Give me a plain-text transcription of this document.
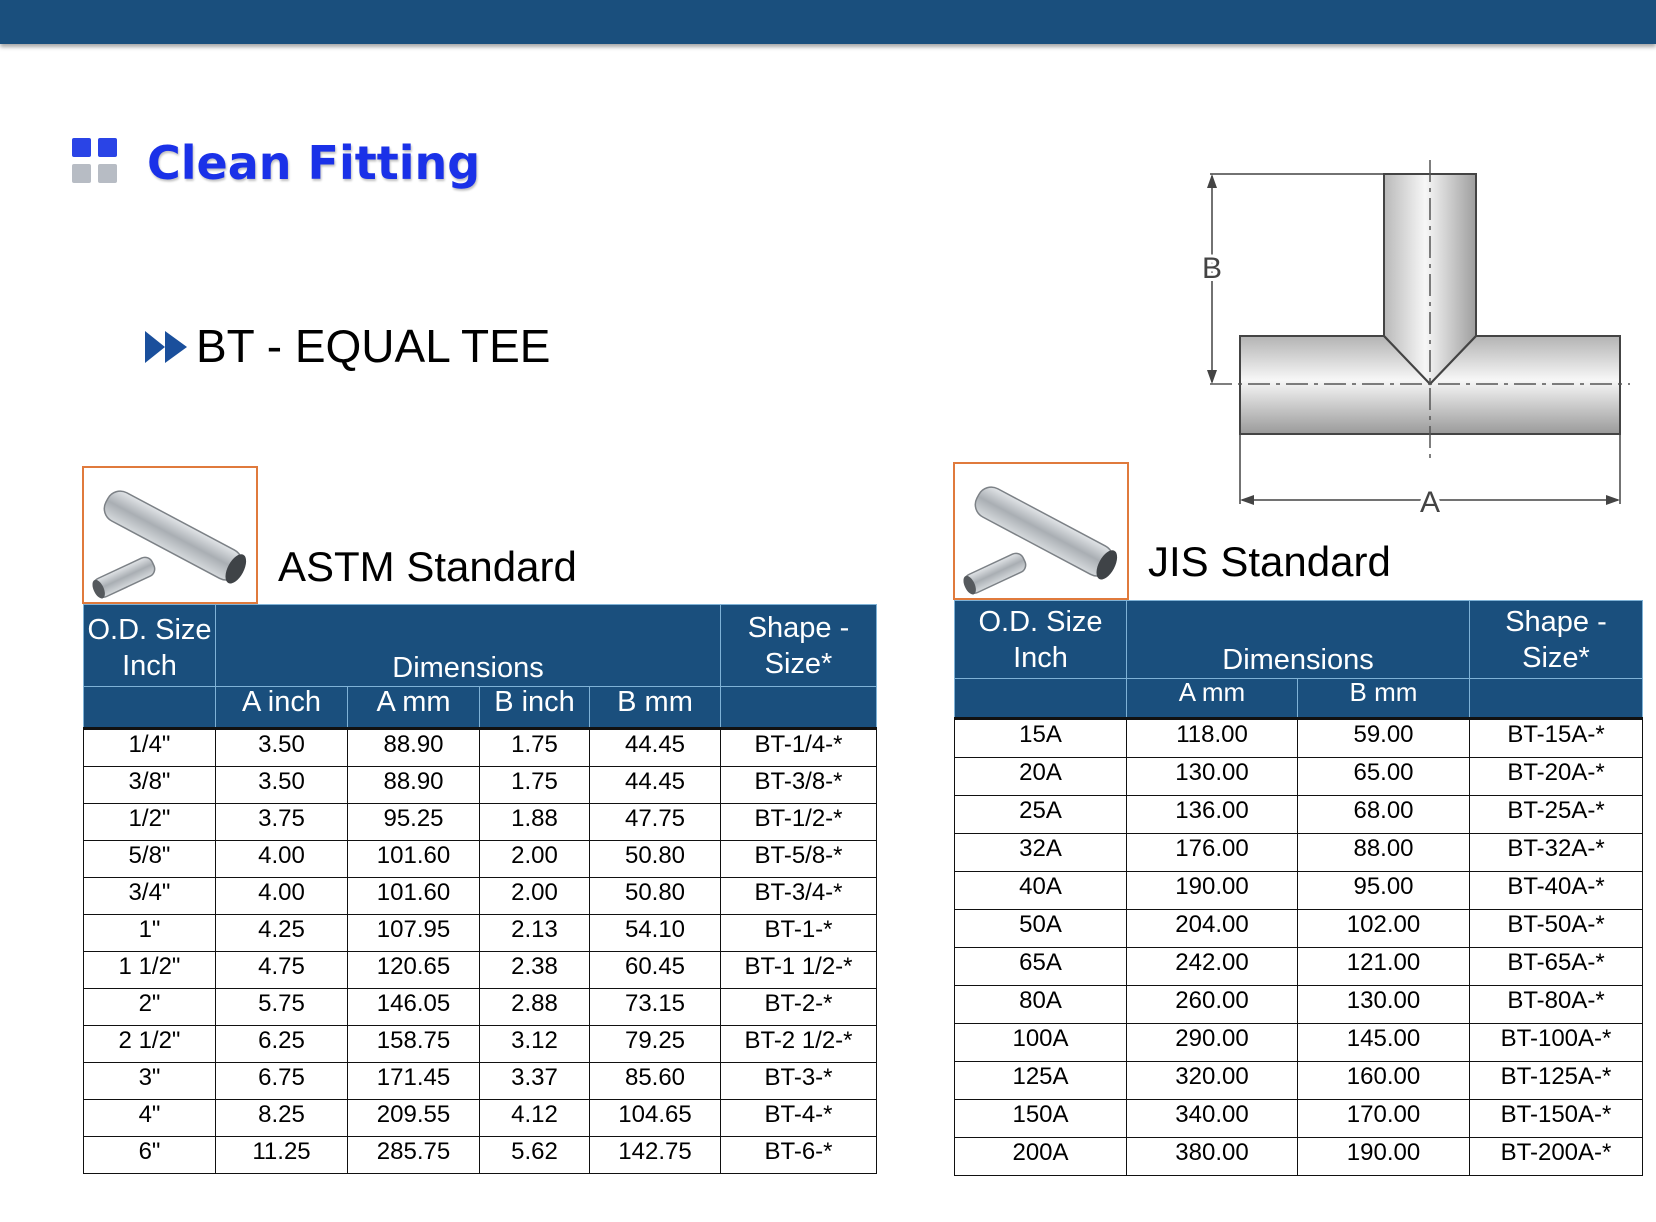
Clean Fitting
BT - EQUAL TEE
B
A
ASTM Standard	JIS Standard
O.D. Size Inch	Dimensions				Shape - Size*
	A inch	A mm	B inch	B mm	
1/4"	3.50	88.90	1.75	44.45	BT-1/4-*
3/8"	3.50	88.90	1.75	44.45	BT-3/8-*
1/2"	3.75	95.25	1.88	47.75	BT-1/2-*
5/8"	4.00	101.60	2.00	50.80	BT-5/8-*
3/4"	4.00	101.60	2.00	50.80	BT-3/4-*
1"	4.25	107.95	2.13	54.10	BT-1-*
1 1/2"	4.75	120.65	2.38	60.45	BT-1 1/2-*
2"	5.75	146.05	2.88	73.15	BT-2-*
2 1/2"	6.25	158.75	3.12	79.25	BT-2 1/2-*
3"	6.75	171.45	3.37	85.60	BT-3-*
4"	8.25	209.55	4.12	104.65	BT-4-*
6"	11.25	285.75	5.62	142.75	BT-6-*
O.D. Size Inch	Dimensions		Shape - Size*
	A mm	B mm	
15A	118.00	59.00	BT-15A-*
20A	130.00	65.00	BT-20A-*
25A	136.00	68.00	BT-25A-*
32A	176.00	88.00	BT-32A-*
40A	190.00	95.00	BT-40A-*
50A	204.00	102.00	BT-50A-*
65A	242.00	121.00	BT-65A-*
80A	260.00	130.00	BT-80A-*
100A	290.00	145.00	BT-100A-*
125A	320.00	160.00	BT-125A-*
150A	340.00	170.00	BT-150A-*
200A	380.00	190.00	BT-200A-*
